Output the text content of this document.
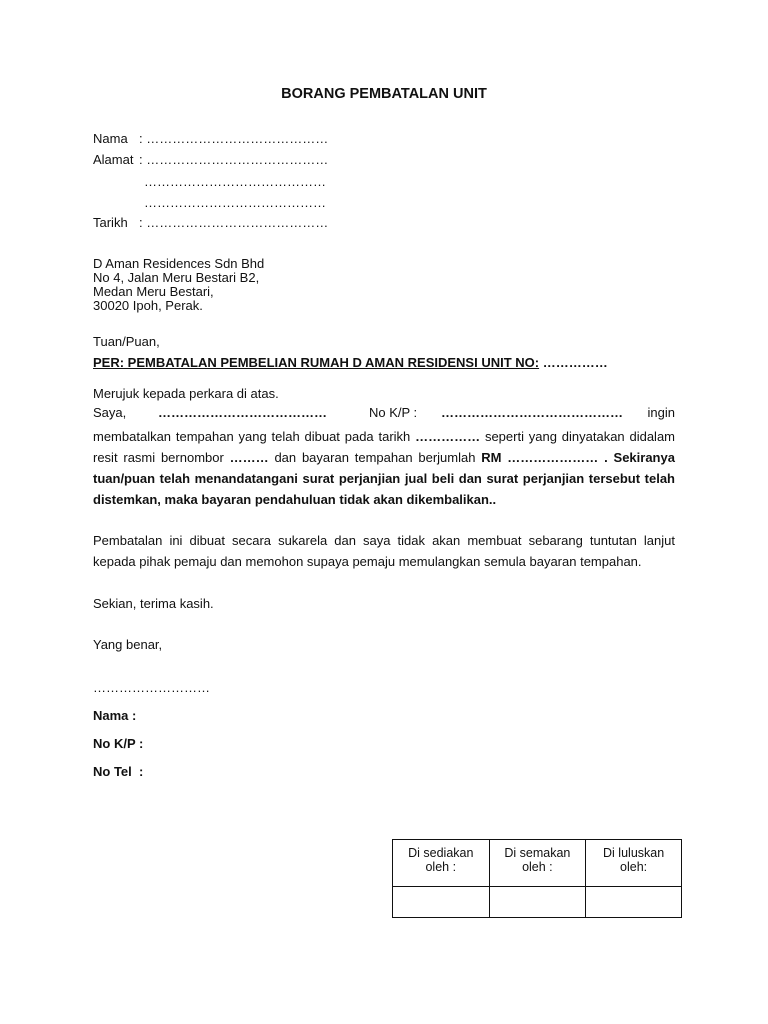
BORANG PEMBATALAN UNIT
Nama : ……………………………………
Alamat : ……………………………………
……………………………………
……………………………………
Tarikh : ……………………………………
D Aman Residences Sdn Bhd
No 4, Jalan Meru Bestari B2,
Medan Meru Bestari,
30020 Ipoh, Perak.
Tuan/Puan,
PER: PEMBATALAN PEMBELIAN RUMAH D AMAN RESIDENSI UNIT NO: ……………
Merujuk kepada perkara di atas.
Saya, …………………………………	No K/P : …………………………………… ingin
membatalkan tempahan yang telah dibuat pada tarikh …………… seperti yang dinyatakan didalam
resit rasmi bernombor ……… dan bayaran tempahan berjumlah RM ………………… . Sekiranya
tuan/puan telah menandatangani surat perjanjian jual beli dan surat perjanjian tersebut telah
distemkan, maka bayaran pendahuluan tidak akan dikembalikan..
Pembatalan ini dibuat secara sukarela dan saya tidak akan membuat sebarang tuntutan lanjut kepada pihak pemaju dan memohon supaya pemaju memulangkan semula bayaran tempahan.
Sekian, terima kasih.
Yang benar,
………………………
Nama :
No K/P :
No Tel  :
Di sediakan oleh :	Di semakan oleh :	Di luluskan oleh:
